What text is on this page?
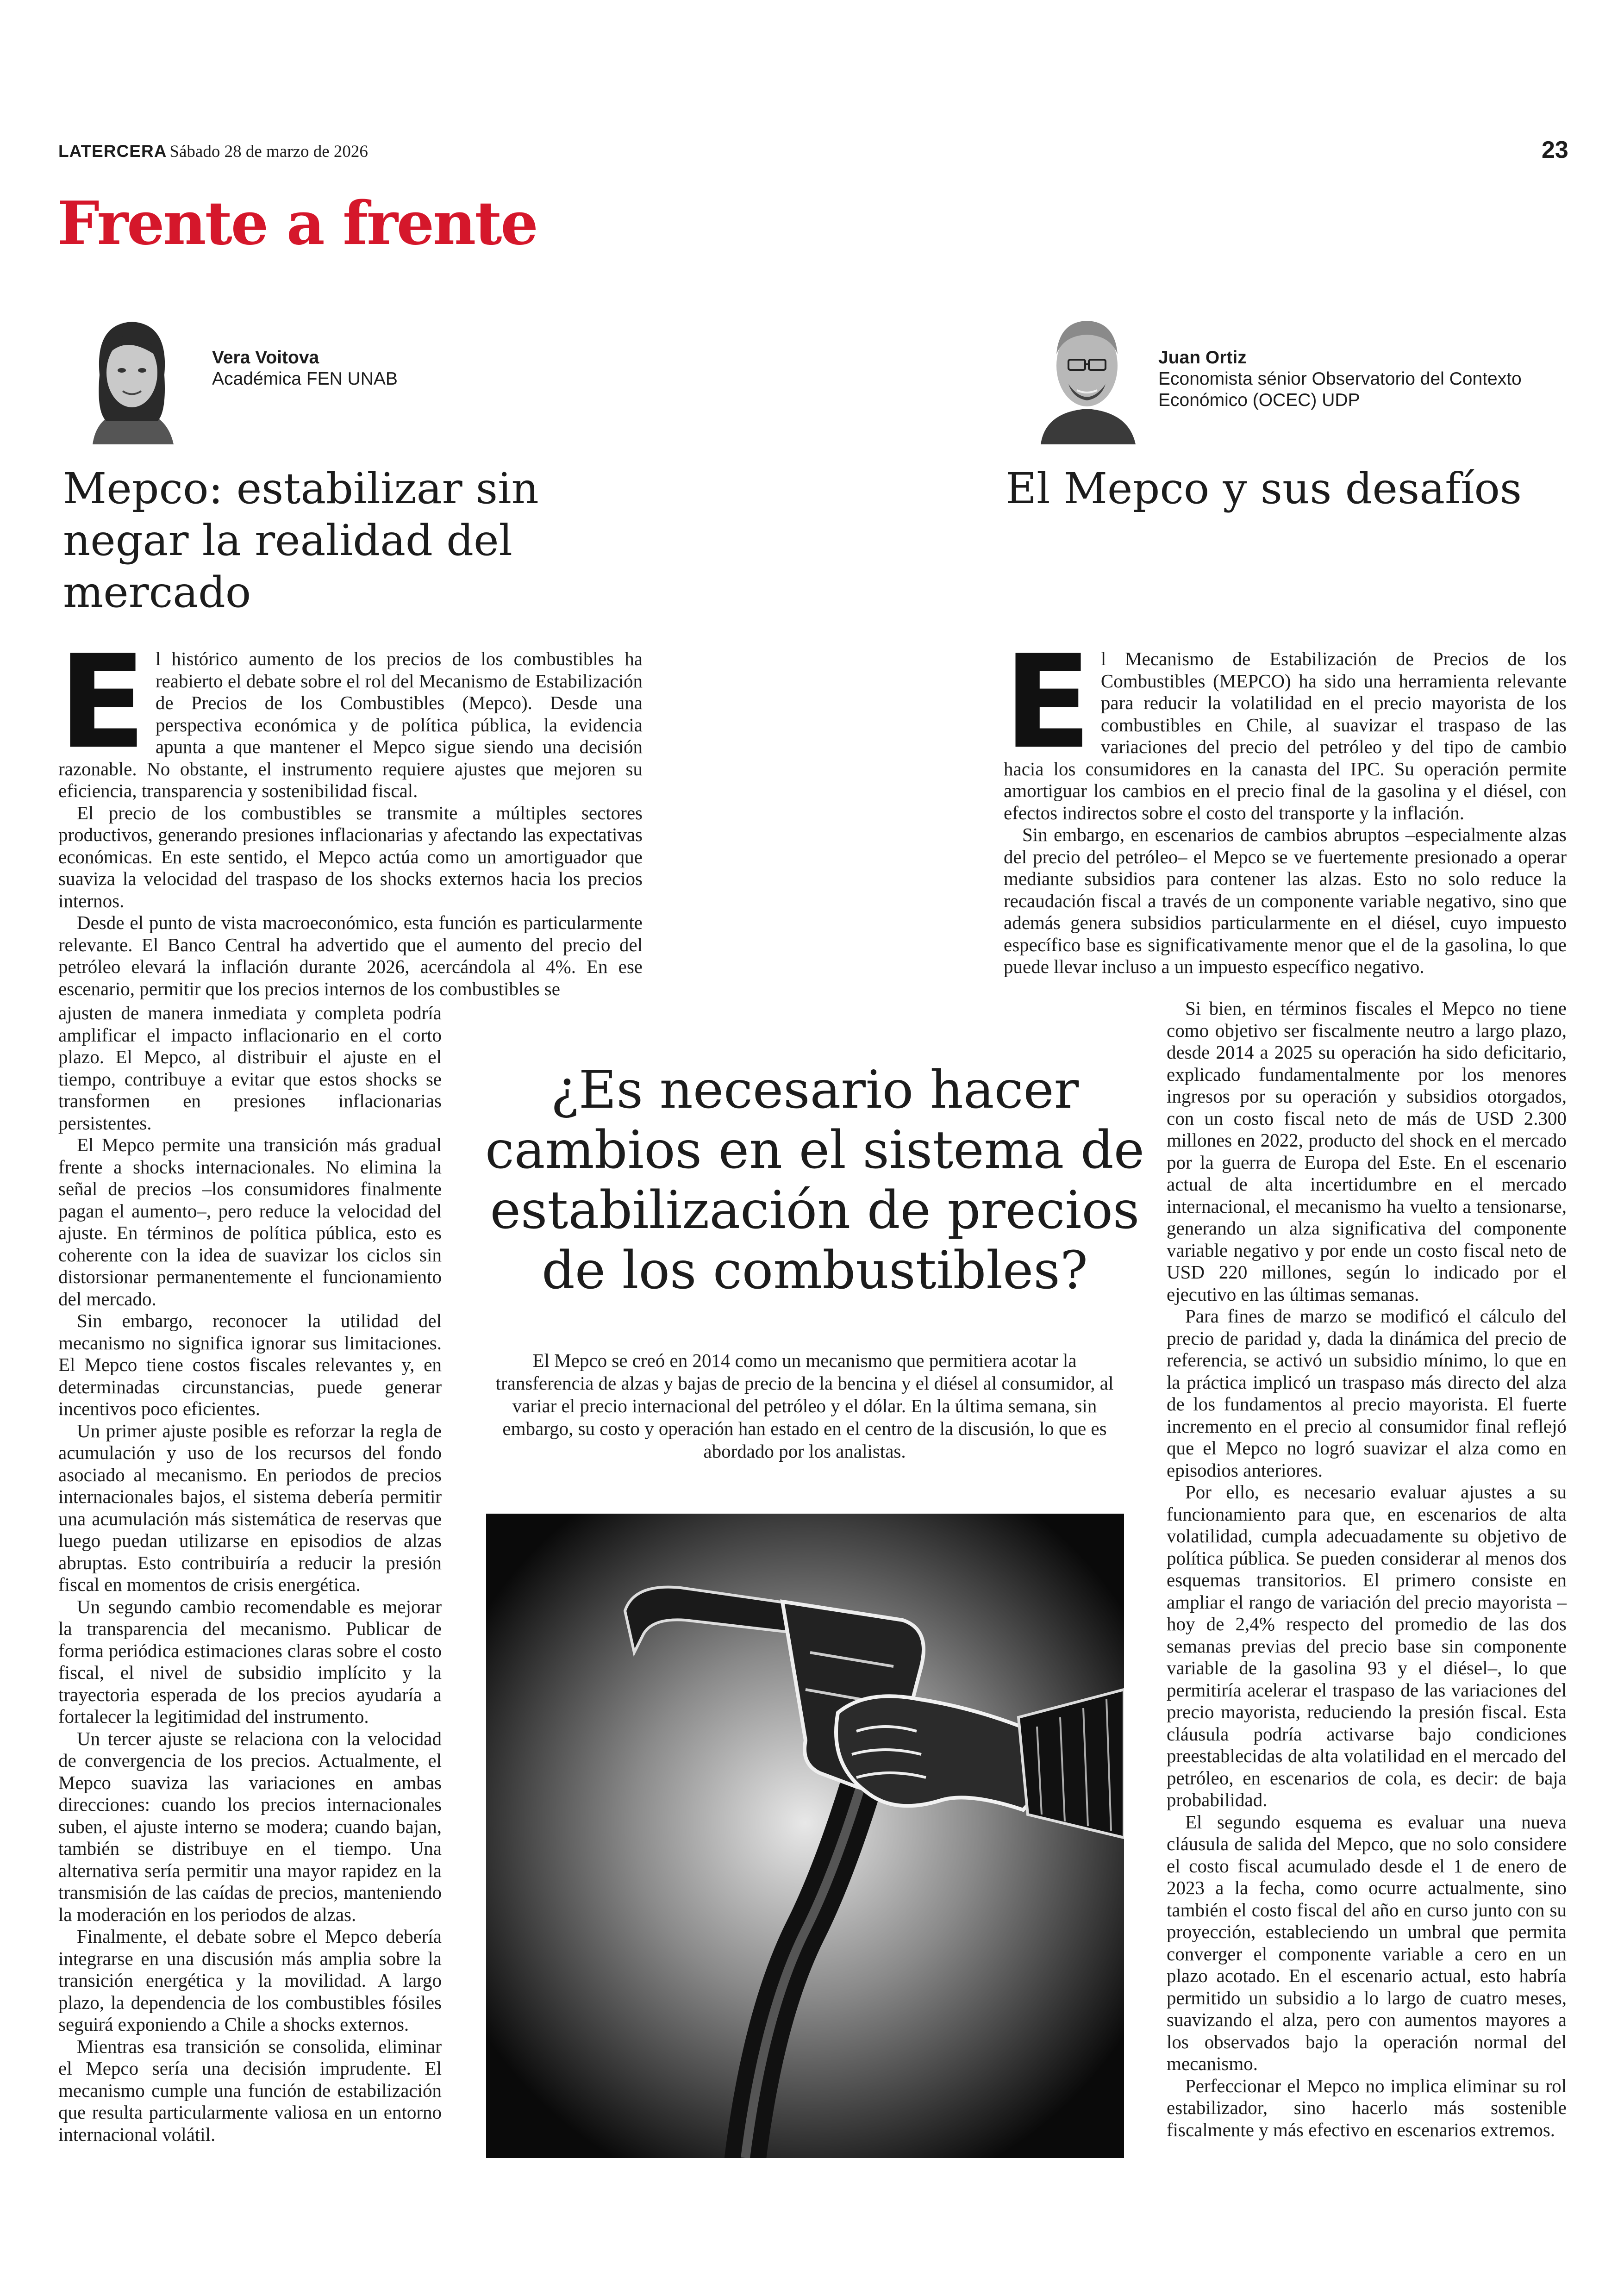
LATERCERA Sábado 28 de marzo de 2026	23
Frente a frente
Vera Voitova
Académica FEN UNAB
Juan Ortiz
Economista sénior Observatorio del Contexto
Económico (OCEC) UDP
Mepco: estabilizar sin negar la realidad del mercado
El Mepco y sus desafíos
E l histórico aumento de los precios de los combustibles ha reabierto el debate sobre el rol del Mecanismo de Estabilización de Precios de los Combustibles (Mepco). Desde una perspectiva económica y de política pública, la evidencia apunta a que mantener el Mepco sigue siendo una decisión razonable. No obstante, el instrumento requiere ajustes que mejoren su eficiencia, transparencia y sostenibilidad fiscal.

El precio de los combustibles se transmite a múltiples sectores productivos, generando presiones inflacionarias y afectando las expectativas económicas. En este sentido, el Mepco actúa como un amortiguador que suaviza la velocidad del traspaso de los shocks externos hacia los precios internos.

Desde el punto de vista macroeconómico, esta función es particularmente relevante. El Banco Central ha advertido que el aumento del precio del petróleo elevará la inflación durante 2026, acercándola al 4%. En ese escenario, permitir que los precios internos de los combustibles se

ajusten de manera inmediata y completa podría amplificar el impacto inflacionario en el corto plazo. El Mepco, al distribuir el ajuste en el tiempo, contribuye a evitar que estos shocks se transformen en presiones inflacionarias persistentes.

El Mepco permite una transición más gradual frente a shocks internacionales. No elimina la señal de precios –los consumidores finalmente pagan el aumento–, pero reduce la velocidad del ajuste. En términos de política pública, esto es coherente con la idea de suavizar los ciclos sin distorsionar permanentemente el funcionamiento del mercado.

Sin embargo, reconocer la utilidad del mecanismo no significa ignorar sus limitaciones. El Mepco tiene costos fiscales relevantes y, en determinadas circunstancias, puede generar incentivos poco eficientes.

Un primer ajuste posible es reforzar la regla de acumulación y uso de los recursos del fondo asociado al mecanismo. En periodos de precios internacionales bajos, el sistema debería permitir una acumulación más sistemática de reservas que luego puedan utilizarse en episodios de alzas abruptas. Esto contribuiría a reducir la presión fiscal en momentos de crisis energética.

Un segundo cambio recomendable es mejorar la transparencia del mecanismo. Publicar de forma periódica estimaciones claras sobre el costo fiscal, el nivel de subsidio implícito y la trayectoria esperada de los precios ayudaría a fortalecer la legitimidad del instrumento.

Un tercer ajuste se relaciona con la velocidad de convergencia de los precios. Actualmente, el Mepco suaviza las variaciones en ambas direcciones: cuando los precios internacionales suben, el ajuste interno se modera; cuando bajan, también se distribuye en el tiempo. Una alternativa sería permitir una mayor rapidez en la transmisión de las caídas de precios, manteniendo la moderación en los periodos de alzas.

Finalmente, el debate sobre el Mepco debería integrarse en una discusión más amplia sobre la transición energética y la movilidad. A largo plazo, la dependencia de los combustibles fósiles seguirá exponiendo a Chile a shocks externos.

Mientras esa transición se consolida, eliminar el Mepco sería una decisión imprudente. El mecanismo cumple una función de estabilización que resulta particularmente valiosa en un entorno internacional volátil.

E l Mecanismo de Estabilización de Precios de los Combustibles (MEPCO) ha sido una herramienta relevante para reducir la volatilidad en el precio mayorista de los combustibles en Chile, al suavizar el traspaso de las variaciones del precio del petróleo y del tipo de cambio hacia los consumidores en la canasta del IPC. Su operación permite amortiguar los cambios en el precio final de la gasolina y el diésel, con efectos indirectos sobre el costo del transporte y la inflación.

Sin embargo, en escenarios de cambios abruptos –especialmente alzas del precio del petróleo– el Mepco se ve fuertemente presionado a operar mediante subsidios para contener las alzas. Esto no solo reduce la recaudación fiscal a través de un componente variable negativo, sino que además genera subsidios particularmente en el diésel, cuyo impuesto específico base es significativamente menor que el de la gasolina, lo que puede llevar incluso a un impuesto específico negativo.

Si bien, en términos fiscales el Mepco no tiene como objetivo ser fiscalmente neutro a largo plazo, desde 2014 a 2025 su operación ha sido deficitario, explicado fundamentalmente por los menores ingresos por su operación y subsidios otorgados, con un costo fiscal neto de más de USD 2.300 millones en 2022, producto del shock en el mercado por la guerra de Europa del Este. En el escenario actual de alta incertidumbre en el mercado internacional, el mecanismo ha vuelto a tensionarse, generando un alza significativa del componente variable negativo y por ende un costo fiscal neto de USD 220 millones, según lo indicado por el ejecutivo en las últimas semanas.

Para fines de marzo se modificó el cálculo del precio de paridad y, dada la dinámica del precio de referencia, se activó un subsidio mínimo, lo que en la práctica implicó un traspaso más directo del alza de los fundamentos al precio mayorista. El fuerte incremento en el precio al consumidor final reflejó que el Mepco no logró suavizar el alza como en episodios anteriores.

Por ello, es necesario evaluar ajustes a su funcionamiento para que, en escenarios de alta volatilidad, cumpla adecuadamente su objetivo de política pública. Se pueden considerar al menos dos esquemas transitorios. El primero consiste en ampliar el rango de variación del precio mayorista –hoy de 2,4% respecto del promedio de las dos semanas previas del precio base sin componente variable de la gasolina 93 y el diésel–, lo que permitiría acelerar el traspaso de las variaciones del precio mayorista, reduciendo la presión fiscal. Esta cláusula podría activarse bajo condiciones preestablecidas de alta volatilidad en el mercado del petróleo, en escenarios de cola, es decir: de baja probabilidad.

El segundo esquema es evaluar una nueva cláusula de salida del Mepco, que no solo considere el costo fiscal acumulado desde el 1 de enero de 2023 a la fecha, como ocurre actualmente, sino también el costo fiscal del año en curso junto con su proyección, estableciendo un umbral que permita converger el componente variable a cero en un plazo acotado. En el escenario actual, esto habría permitido un subsidio a lo largo de cuatro meses, suavizando el alza, pero con aumentos mayores a los observados bajo la operación normal del mecanismo.

Perfeccionar el Mepco no implica eliminar su rol estabilizador, sino hacerlo más sostenible fiscalmente y más efectivo en escenarios extremos.

¿Es necesario hacer cambios en el sistema de estabilización de precios de los combustibles?
El Mepco se creó en 2014 como un mecanismo que permitiera acotar la transferencia de alzas y bajas de precio de la bencina y el diésel al consumidor, al variar el precio internacional del petróleo y el dólar. En la última semana, sin embargo, su costo y operación han estado en el centro de la discusión, lo que es abordado por los analistas.
